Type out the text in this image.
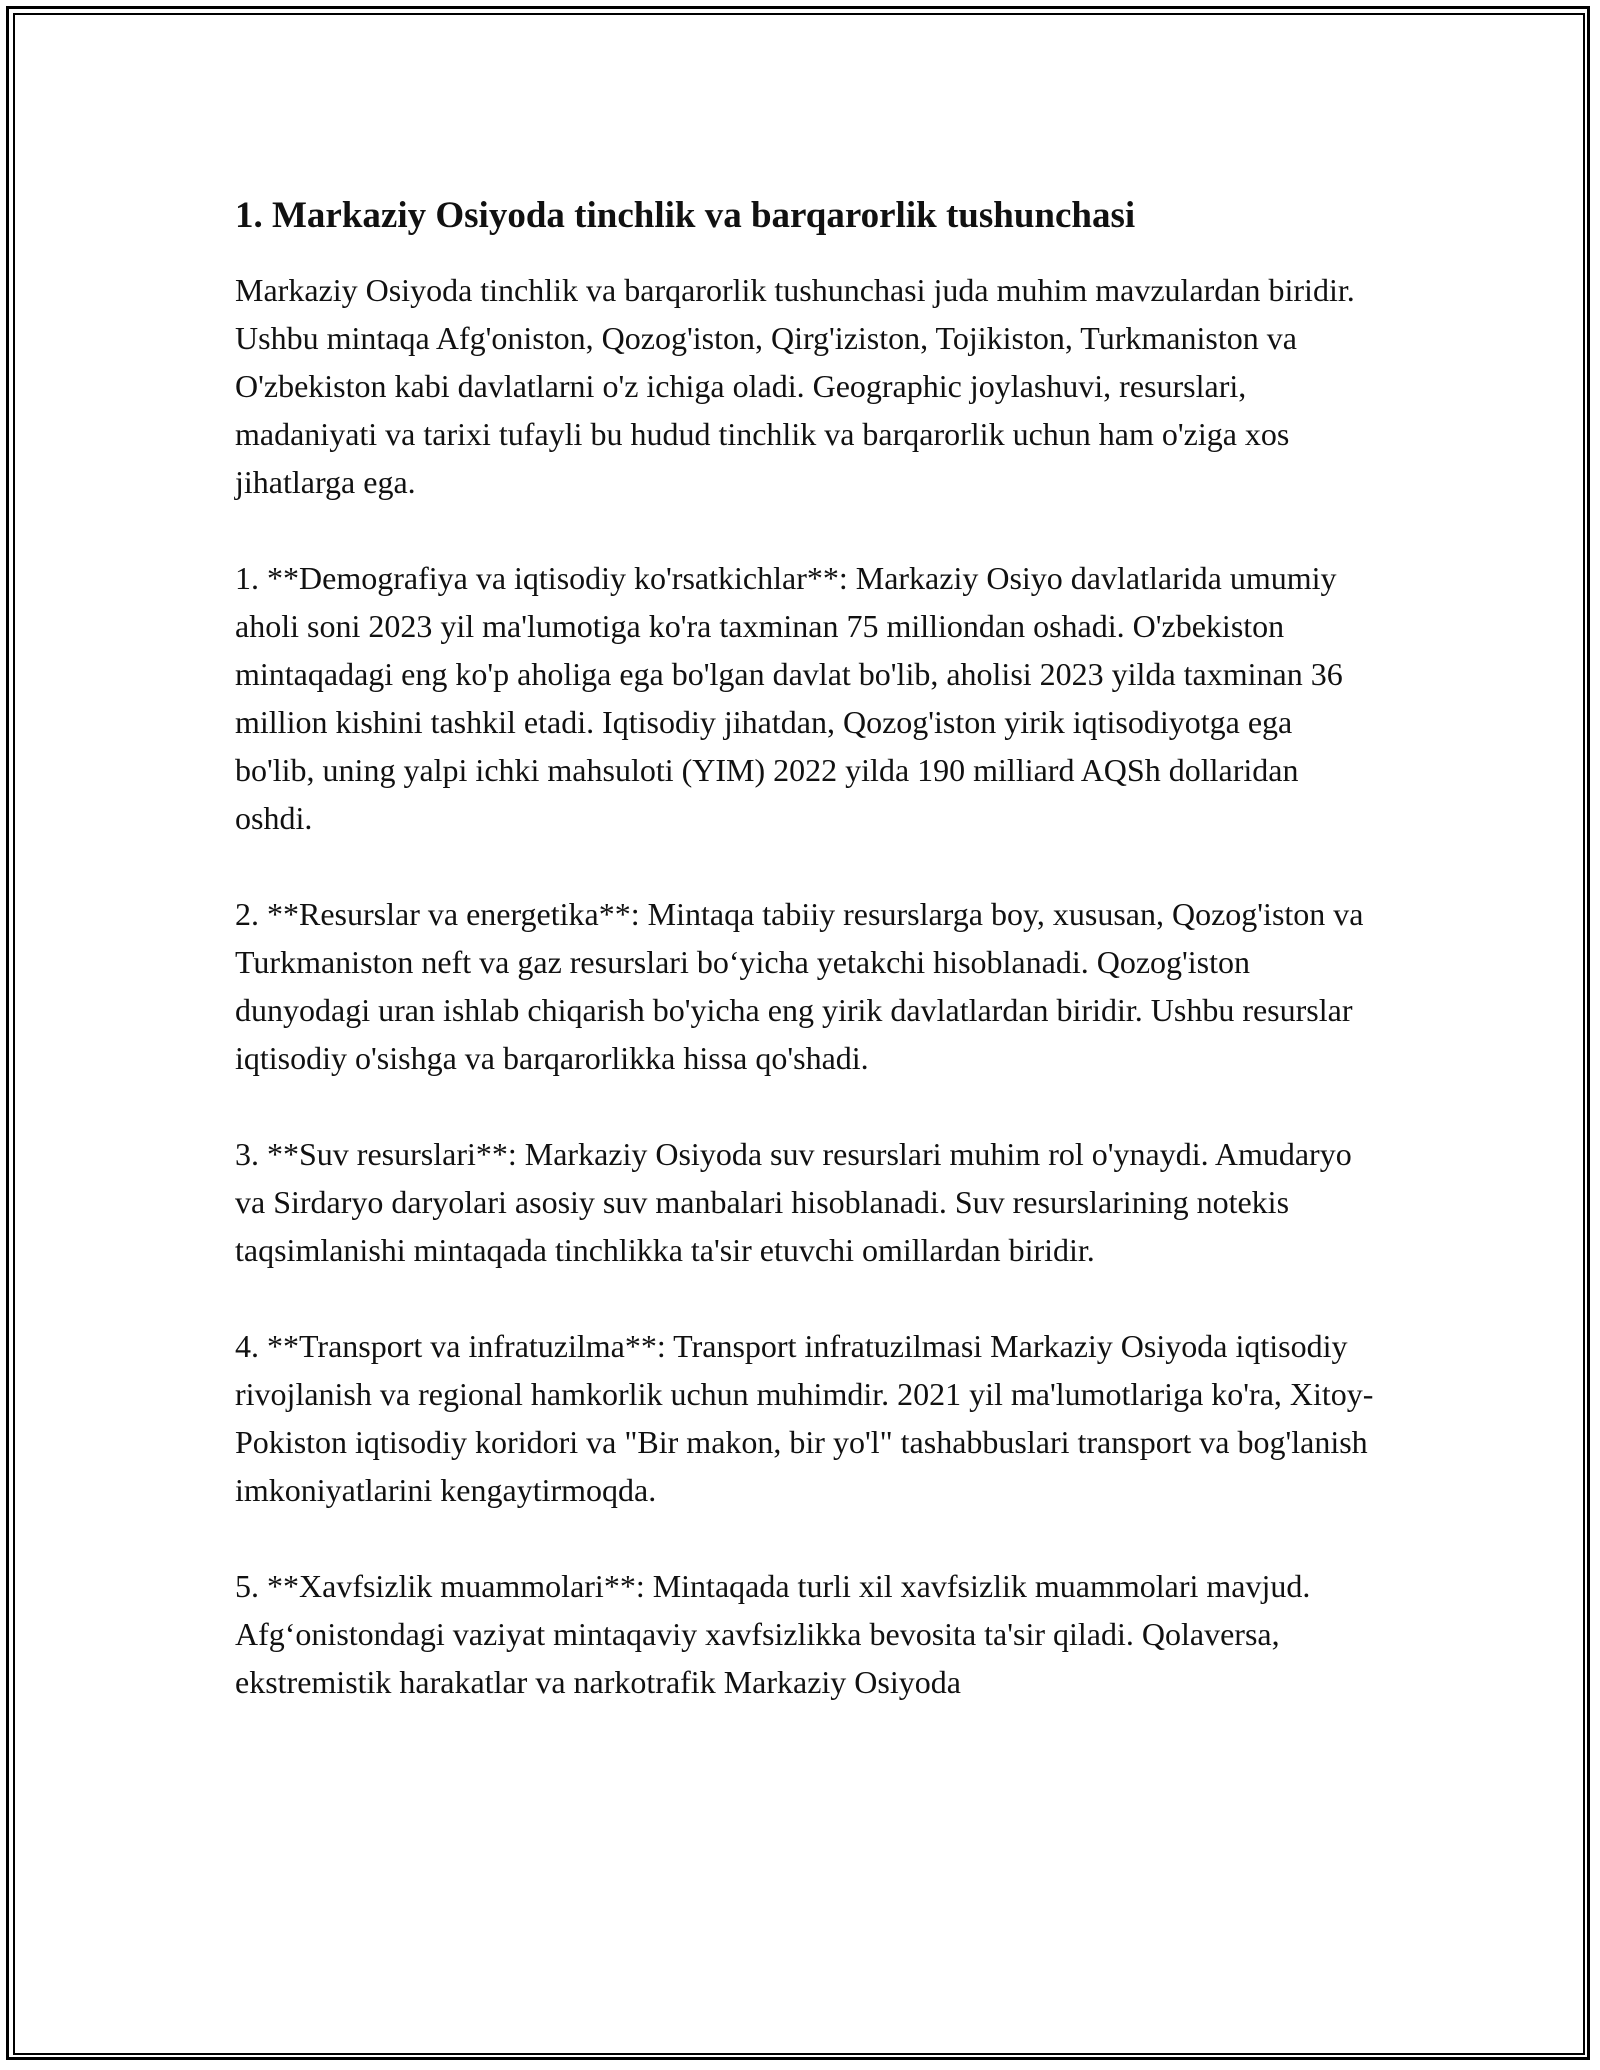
1. Markaziy Osiyoda tinchlik va barqarorlik tushunchasi

Markaziy Osiyoda tinchlik va barqarorlik tushunchasi juda muhim mavzulardan biridir. Ushbu mintaqa Afg'oniston, Qozog'iston, Qirg'iziston, Tojikiston, Turkmaniston va O'zbekiston kabi davlatlarni o'z ichiga oladi. Geographic joylashuvi, resurslari, madaniyati va tarixi tufayli bu hudud tinchlik va barqarorlik uchun ham o'ziga xos jihatlarga ega.

1. **Demografiya va iqtisodiy ko'rsatkichlar**: Markaziy Osiyo davlatlarida umumiy aholi soni 2023 yil ma'lumotiga ko'ra taxminan 75 milliondan oshadi. O'zbekiston mintaqadagi eng ko'p aholiga ega bo'lgan davlat bo'lib, aholisi 2023 yilda taxminan 36 million kishini tashkil etadi. Iqtisodiy jihatdan, Qozog'iston yirik iqtisodiyotga ega bo'lib, uning yalpi ichki mahsuloti (YIM) 2022 yilda 190 milliard AQSh dollaridan oshdi.

2. **Resurslar va energetika**: Mintaqa tabiiy resurslarga boy, xususan, Qozog'iston va Turkmaniston neft va gaz resurslari bo‘yicha yetakchi hisoblanadi. Qozog'iston dunyodagi uran ishlab chiqarish bo'yicha eng yirik davlatlardan biridir. Ushbu resurslar iqtisodiy o'sishga va barqarorlikka hissa qo'shadi.

3. **Suv resurslari**: Markaziy Osiyoda suv resurslari muhim rol o'ynaydi. Amudaryo va Sirdaryo daryolari asosiy suv manbalari hisoblanadi. Suv resurslarining notekis taqsimlanishi mintaqada tinchlikka ta'sir etuvchi omillardan biridir.

4. **Transport va infratuzilma**: Transport infratuzilmasi Markaziy Osiyoda iqtisodiy rivojlanish va regional hamkorlik uchun muhimdir. 2021 yil ma'lumotlariga ko'ra, Xitoy-Pokiston iqtisodiy koridori va "Bir makon, bir yo'l" tashabbuslari transport va bog'lanish imkoniyatlarini kengaytirmoqda.

5. **Xavfsizlik muammolari**: Mintaqada turli xil xavfsizlik muammolari mavjud. Afg‘onistondagi vaziyat mintaqaviy xavfsizlikka bevosita ta'sir qiladi. Qolaversa, ekstremistik harakatlar va narkotrafik Markaziy Osiyoda
